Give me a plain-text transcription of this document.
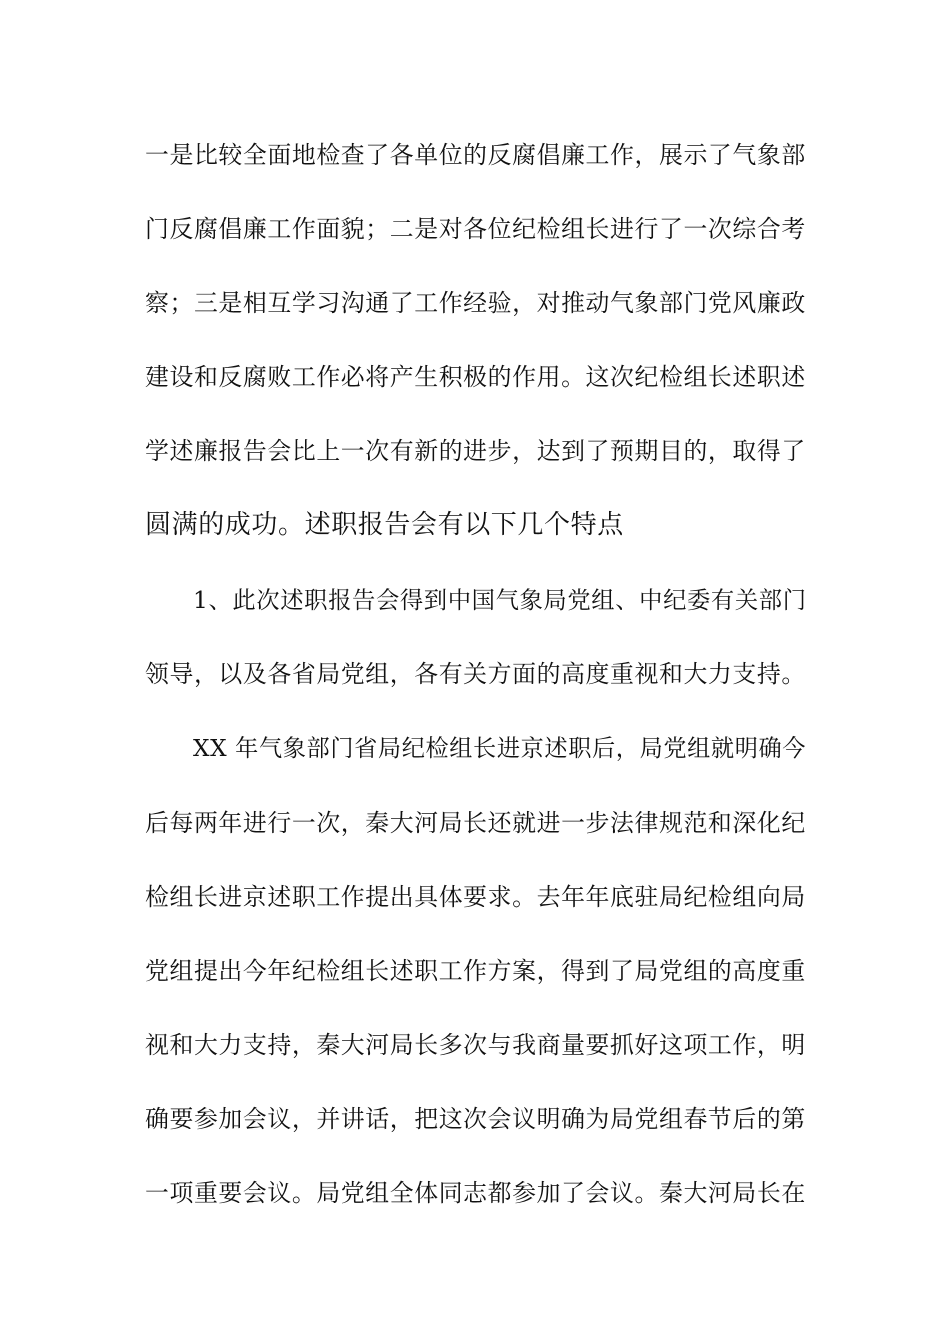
一是比较全面地检查了各单位的反腐倡廉工作，展示了气象部
门反腐倡廉工作面貌；二是对各位纪检组长进行了一次综合考
察；三是相互学习沟通了工作经验，对推动气象部门党风廉政
建设和反腐败工作必将产生积极的作用。这次纪检组长述职述
学述廉报告会比上一次有新的进步，达到了预期目的，取得了
圆满的成功。述职报告会有以下几个特点
1、此次述职报告会得到中国气象局党组、中纪委有关部门
领导，以及各省局党组，各有关方面的高度重视和大力支持。
XX 年气象部门省局纪检组长进京述职后，局党组就明确今
后每两年进行一次，秦大河局长还就进一步法律规范和深化纪
检组长进京述职工作提出具体要求。去年年底驻局纪检组向局
党组提出今年纪检组长述职工作方案，得到了局党组的高度重
视和大力支持，秦大河局长多次与我商量要抓好这项工作，明
确要参加会议，并讲话，把这次会议明确为局党组春节后的第
一项重要会议。局党组全体同志都参加了会议。秦大河局长在
